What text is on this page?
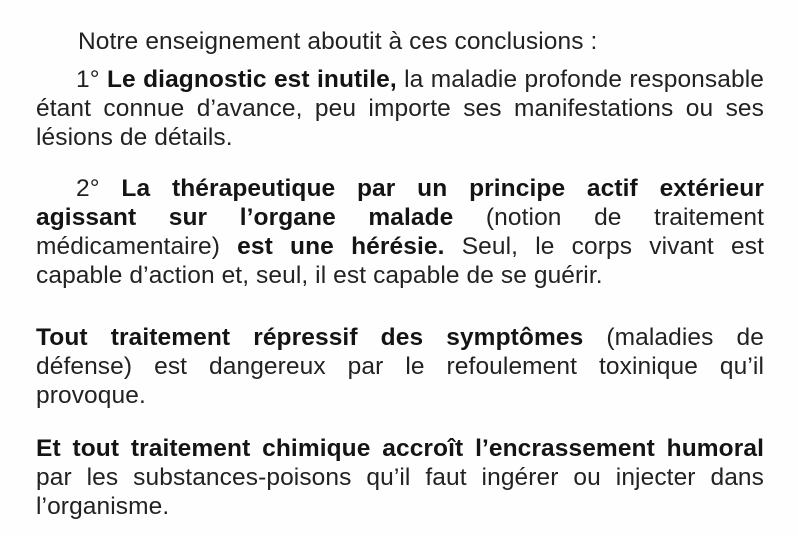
Notre enseignement aboutit à ces conclusions :

1° Le diagnostic est inutile, la maladie profonde responsable étant connue d’avance, peu importe ses manifestations ou ses lésions de détails.

2° La thérapeutique par un principe actif extérieur agissant sur l’organe malade (notion de traitement médicamentaire) est une hérésie. Seul, le corps vivant est capable d’action et, seul, il est capable de se guérir.

Tout traitement répressif des symptômes (maladies de défense) est dangereux par le refoulement toxinique qu’il provoque.

Et tout traitement chimique accroît l’encrassement humoral par les substances-poisons qu’il faut ingérer ou injecter dans l’organisme.
